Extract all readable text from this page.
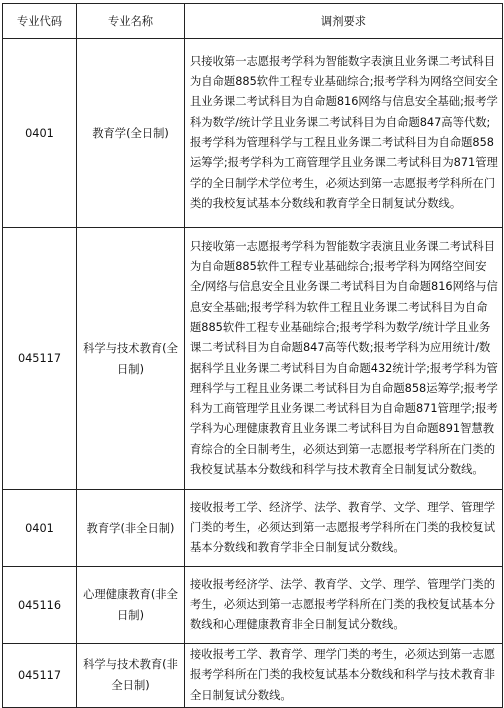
专业代码	专业名称	调剂要求
0401	教育学(全日制)	只接收第一志愿报考学科为智能数字表演且业务课二考试科目为自命题885软件工程专业基础综合;报考学科为网络空间安全且业务课二考试科目为自命题816网络与信息安全基础;报考学科为数学/统计学且业务课二考试科目为自命题847高等代数;报考学科为管理科学与工程且业务课二考试科目为自命题858运筹学;报考学科为工商管理学且业务课二考试科目为871管理学的全日制学术学位考生，必须达到第一志愿报考学科所在门类的我校复试基本分数线和教育学全日制复试分数线。
045117	科学与技术教育(全日制)	只接收第一志愿报考学科为智能数字表演且业务课二考试科目为自命题885软件工程专业基础综合;报考学科为网络空间安全/网络与信息安全且业务课二考试科目为自命题816网络与信息安全基础;报考学科为软件工程且业务课二考试科目为自命题885软件工程专业基础综合;报考学科为数学/统计学且业务课二考试科目为自命题847高等代数;报考学科为应用统计/数据科学且业务课二考试科目为自命题432统计学;报考学科为管理科学与工程且业务课二考试科目为自命题858运筹学;报考学科为工商管理学且业务课二考试科目为自命题871管理学;报考学科为心理健康教育且业务课二考试科目为自命题891智慧教育综合的全日制考生，必须达到第一志愿报考学科所在门类的我校复试基本分数线和科学与技术教育全日制复试分数线。
0401	教育学(非全日制)	接收报考工学、经济学、法学、教育学、文学、理学、管理学门类的考生，必须达到第一志愿报考学科所在门类的我校复试基本分数线和教育学非全日制复试分数线。
045116	心理健康教育(非全日制)	接收报考经济学、法学、教育学、文学、理学、管理学门类的考生，必须达到第一志愿报考学科所在门类的我校复试基本分数线和心理健康教育非全日制复试分数线。
045117	科学与技术教育(非全日制)	接收报考工学、教育学、理学门类的考生，必须达到第一志愿报考学科所在门类的我校复试基本分数线和科学与技术教育非全日制复试分数线。
